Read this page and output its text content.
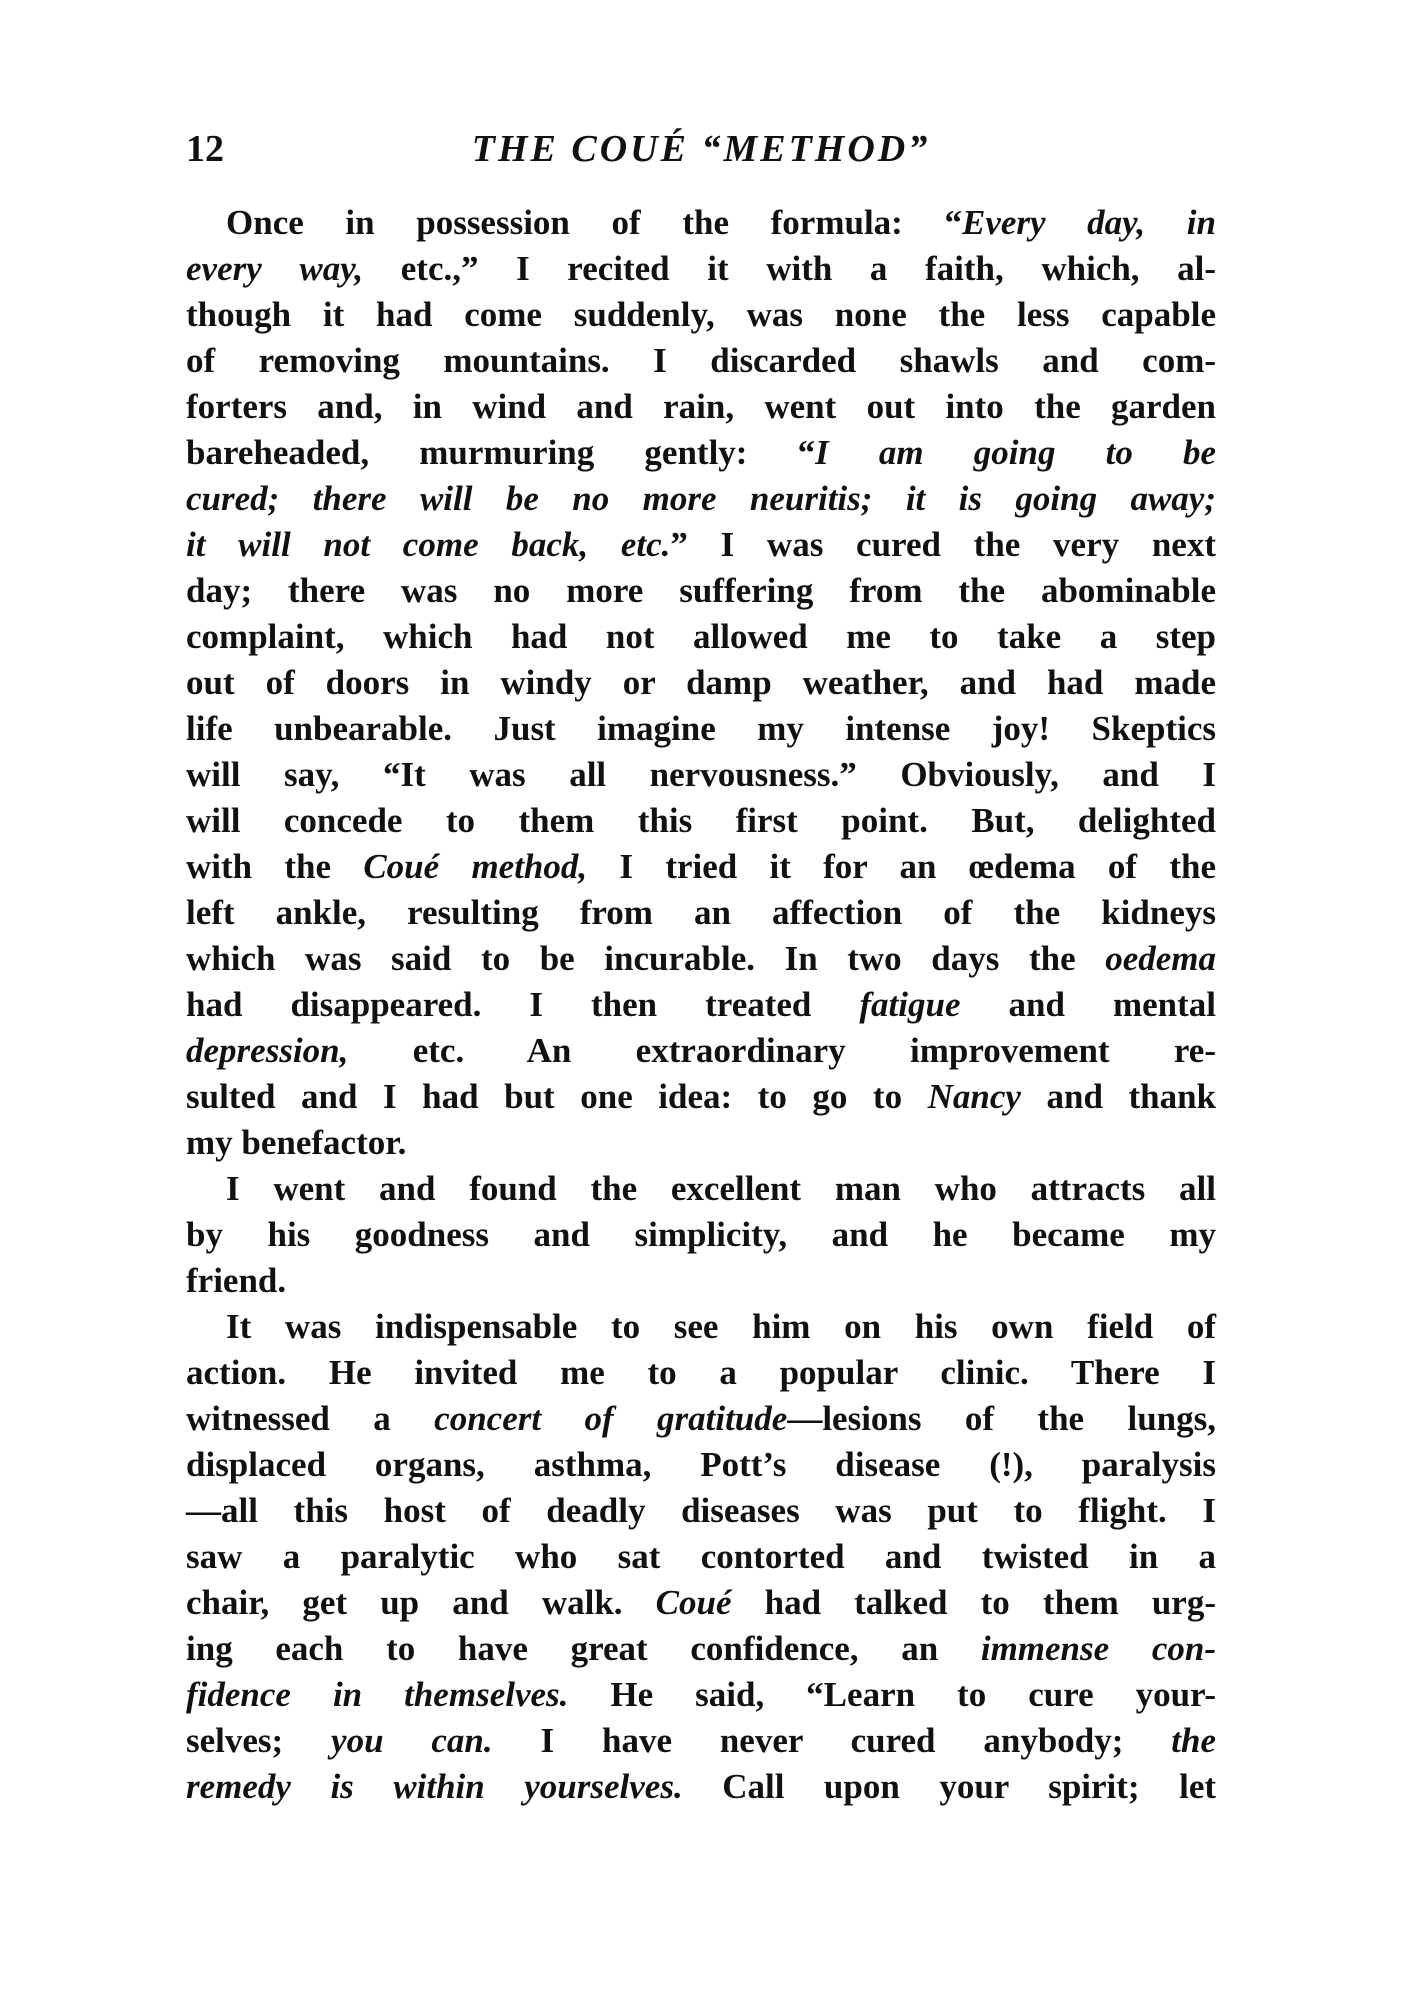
12	THE COUÉ “METHOD”
Once in possession of the formula: “Every day, in
every way, etc.,” I recited it with a faith, which, al-
though it had come suddenly, was none the less capable
of removing mountains. I discarded shawls and com-
forters and, in wind and rain, went out into the garden
bareheaded, murmuring gently: “I am going to be
cured; there will be no more neuritis; it is going away;
it will not come back, etc.” I was cured the very next
day; there was no more suffering from the abominable
complaint, which had not allowed me to take a step
out of doors in windy or damp weather, and had made
life unbearable. Just imagine my intense joy! Skeptics
will say, “It was all nervousness.” Obviously, and I
will concede to them this first point. But, delighted
with the Coué method, I tried it for an œdema of the
left ankle, resulting from an affection of the kidneys
which was said to be incurable. In two days the oedema
had disappeared. I then treated fatigue and mental
depression, etc. An extraordinary improvement re-
sulted and I had but one idea: to go to Nancy and thank
my benefactor.
I went and found the excellent man who attracts all
by his goodness and simplicity, and he became my
friend.
It was indispensable to see him on his own field of
action. He invited me to a popular clinic. There I
witnessed a concert of gratitude—lesions of the lungs,
displaced organs, asthma, Pott’s disease (!), paralysis
—all this host of deadly diseases was put to flight. I
saw a paralytic who sat contorted and twisted in a
chair, get up and walk. Coué had talked to them urg-
ing each to have great confidence, an immense con-
fidence in themselves. He said, “Learn to cure your-
selves; you can. I have never cured anybody; the
remedy is within yourselves. Call upon your spirit; let
